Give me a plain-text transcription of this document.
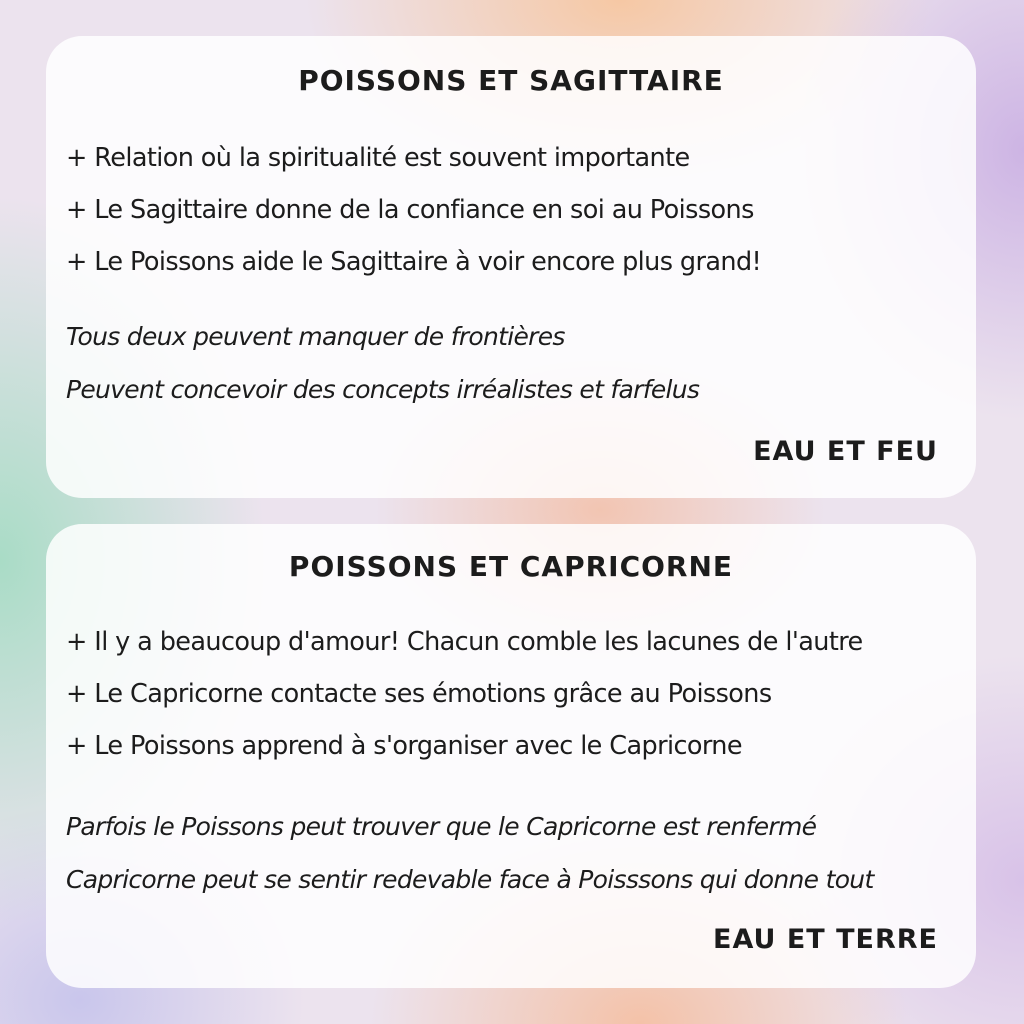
POISSONS ET SAGITTAIRE
+ Relation où la spiritualité est souvent importante
+ Le Sagittaire donne de la confiance en soi au Poissons
+ Le Poissons aide le Sagittaire à voir encore plus grand!

Tous deux peuvent manquer de frontières

Peuvent concevoir des concepts irréalistes et farfelus

EAU ET FEU

POISSONS ET CAPRICORNE
+ Il y a beaucoup d'amour! Chacun comble les lacunes de l'autre
+ Le Capricorne contacte ses émotions grâce au Poissons
+ Le Poissons apprend à s'organiser avec le Capricorne

Parfois le Poissons peut trouver que le Capricorne est renfermé

Capricorne peut se sentir redevable face à Poisssons qui donne tout

EAU ET TERRE
